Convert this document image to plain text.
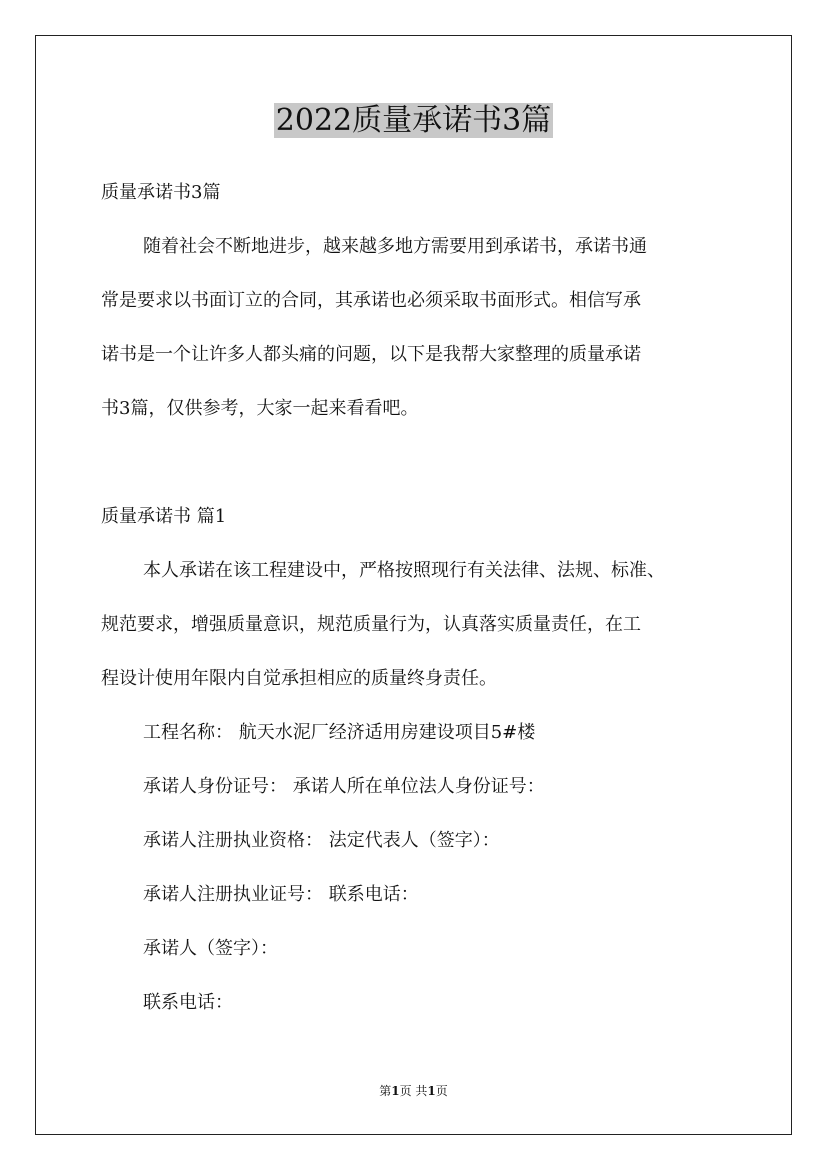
2022质量承诺书3篇
质量承诺书3篇
随着社会不断地进步，越来越多地方需要用到承诺书，承诺书通
常是要求以书面订立的合同，其承诺也必须采取书面形式。相信写承
诺书是一个让许多人都头痛的问题，以下是我帮大家整理的质量承诺
书3篇，仅供参考，大家一起来看看吧。
质量承诺书 篇1
本人承诺在该工程建设中，严格按照现行有关法律、法规、标准、
规范要求，增强质量意识，规范质量行为，认真落实质量责任，在工
程设计使用年限内自觉承担相应的质量终身责任。
工程名称： 航天水泥厂经济适用房建设项目5#楼
承诺人身份证号： 承诺人所在单位法人身份证号：
承诺人注册执业资格： 法定代表人（签字）：
承诺人注册执业证号： 联系电话：
承诺人（签字）：
联系电话：
第1页 共1页
